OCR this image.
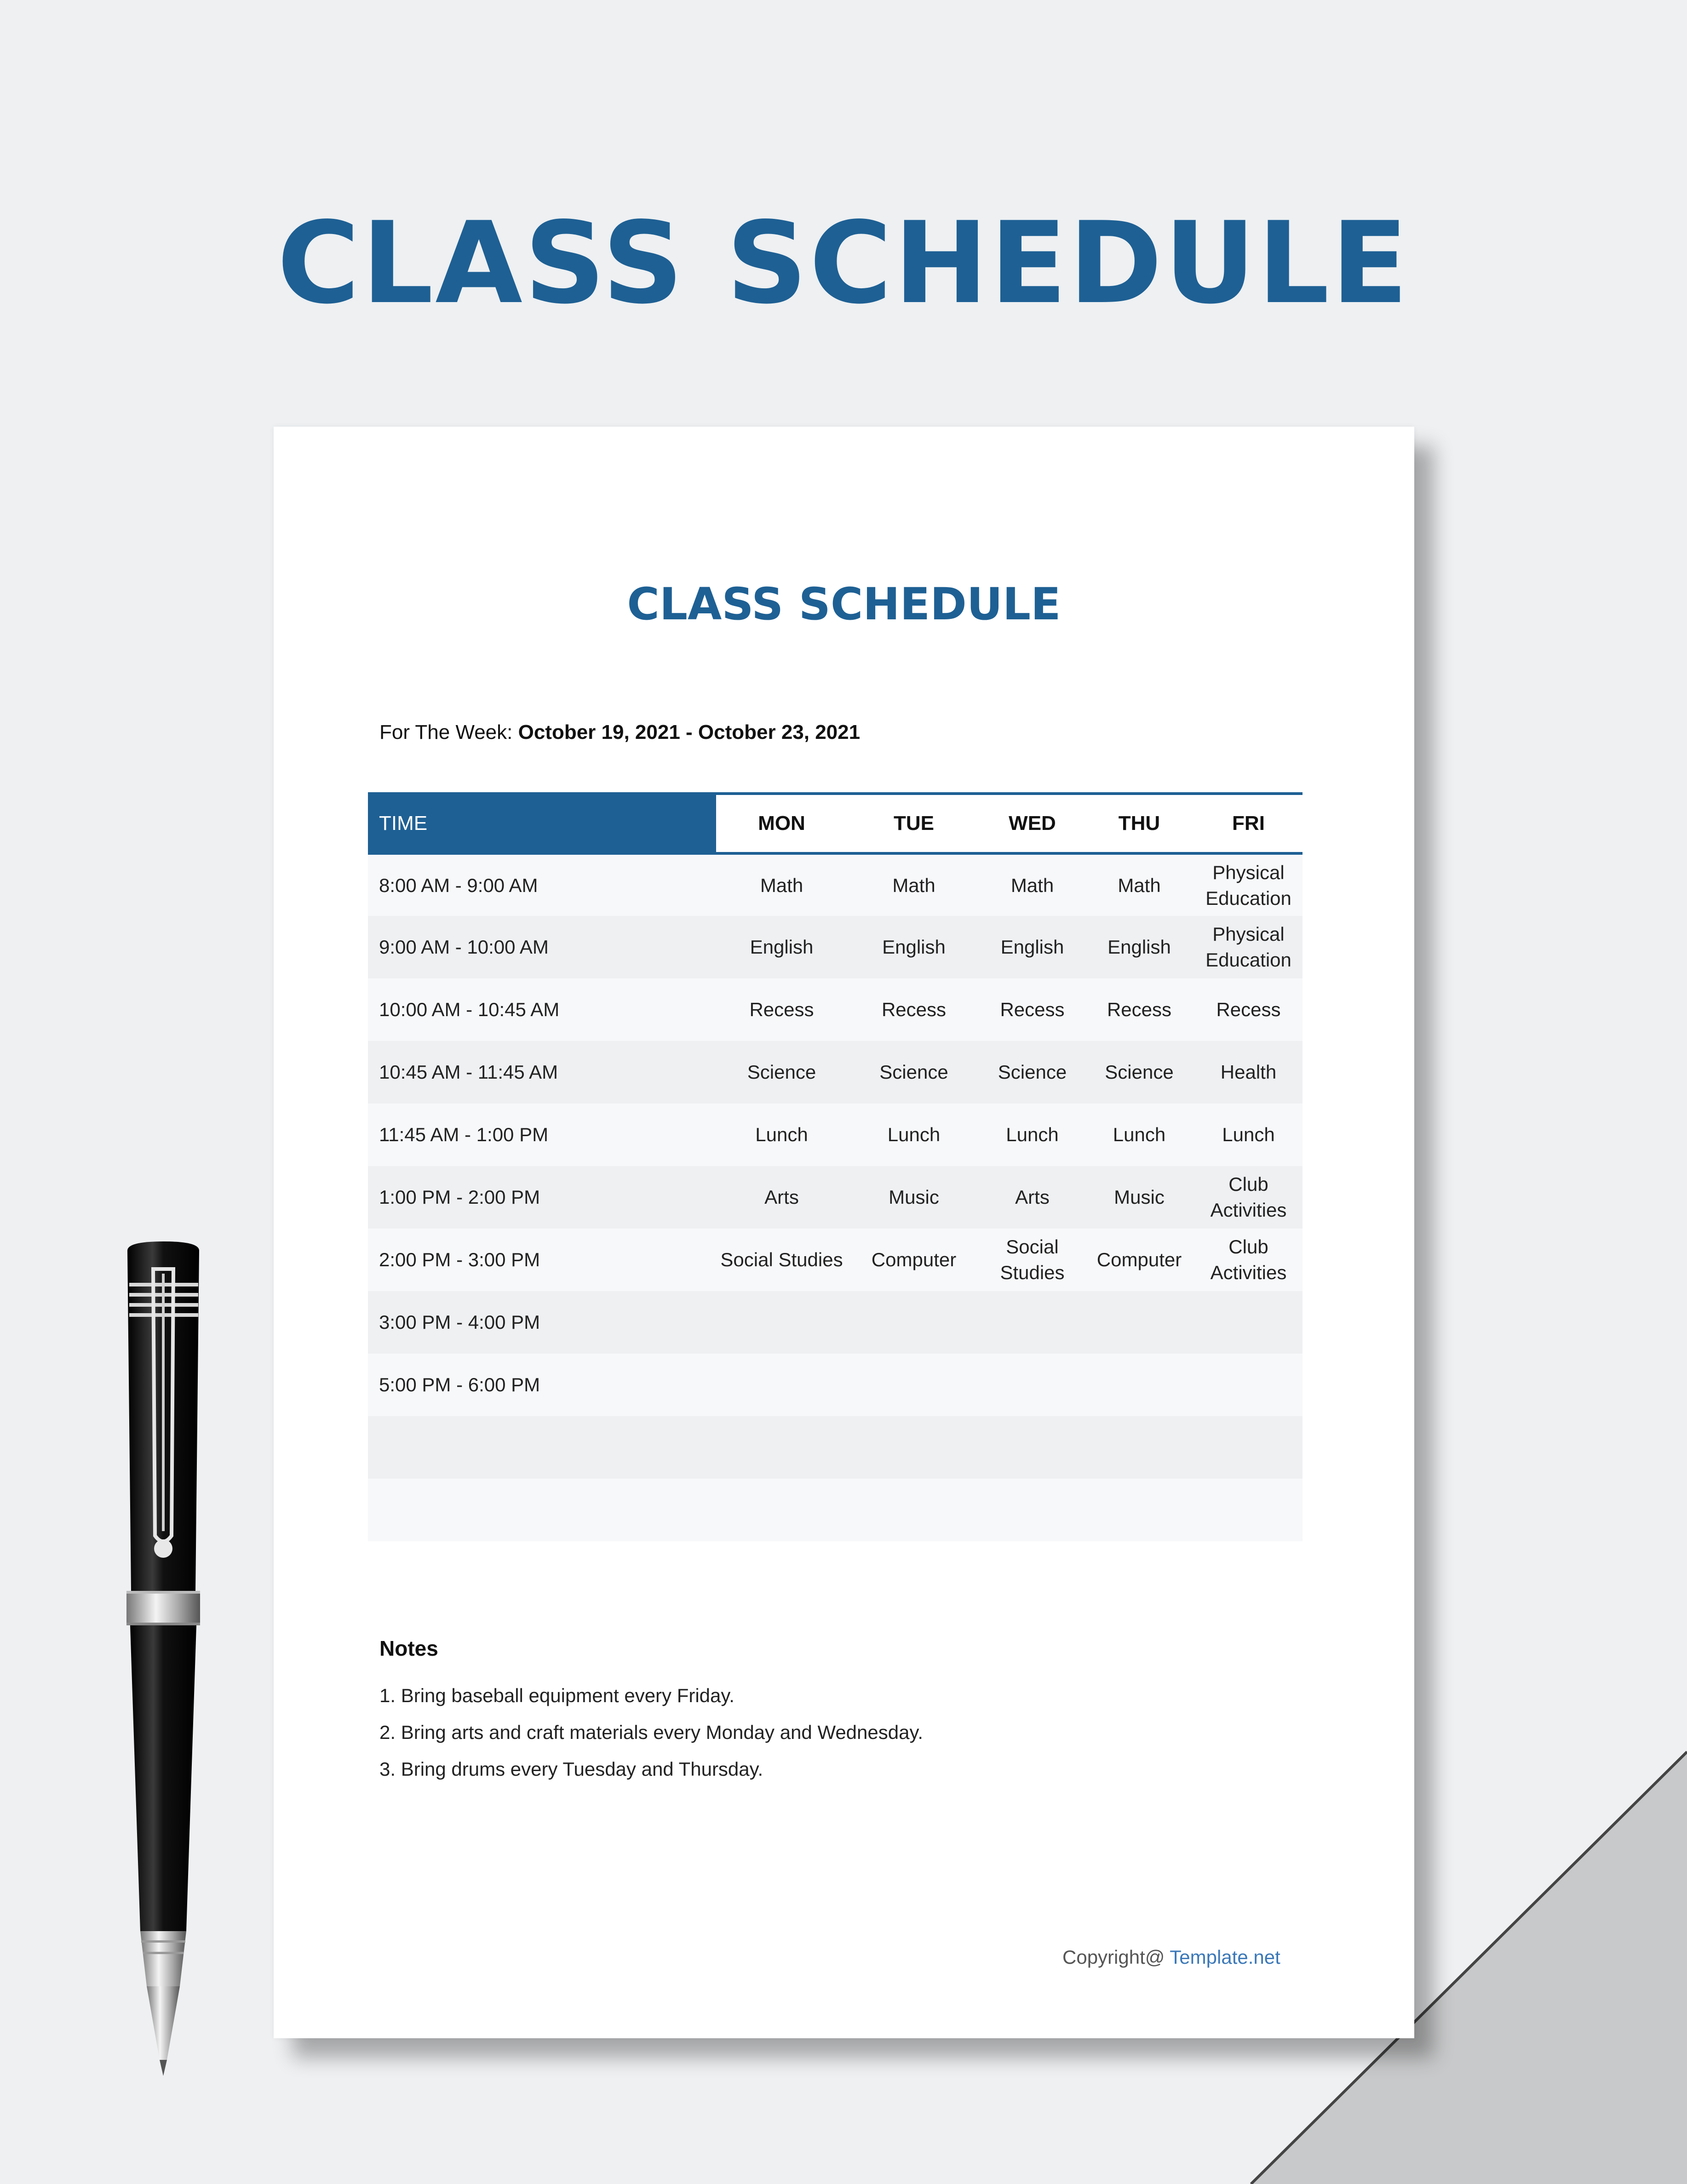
CLASS SCHEDULE
CLASS SCHEDULE
For The Week: October 19, 2021 - October 23, 2021
TIME	MON	TUE	WED	THU	FRI
8:00 AM - 9:00 AM	Math	Math	Math	Math	Physical Education
9:00 AM - 10:00 AM	English	English	English	English	Physical Education
10:00 AM - 10:45 AM	Recess	Recess	Recess	Recess	Recess
10:45 AM - 11:45 AM	Science	Science	Science	Science	Health
11:45 AM - 1:00 PM	Lunch	Lunch	Lunch	Lunch	Lunch
1:00 PM - 2:00 PM	Arts	Music	Arts	Music	Club Activities
2:00 PM - 3:00 PM	Social Studies	Computer	Social Studies	Computer	Club Activities
3:00 PM - 4:00 PM					
5:00 PM - 6:00 PM					

Notes
1. Bring baseball equipment every Friday.
2. Bring arts and craft materials every Monday and Wednesday.
3. Bring drums every Tuesday and Thursday.
Copyright@ Template.net
